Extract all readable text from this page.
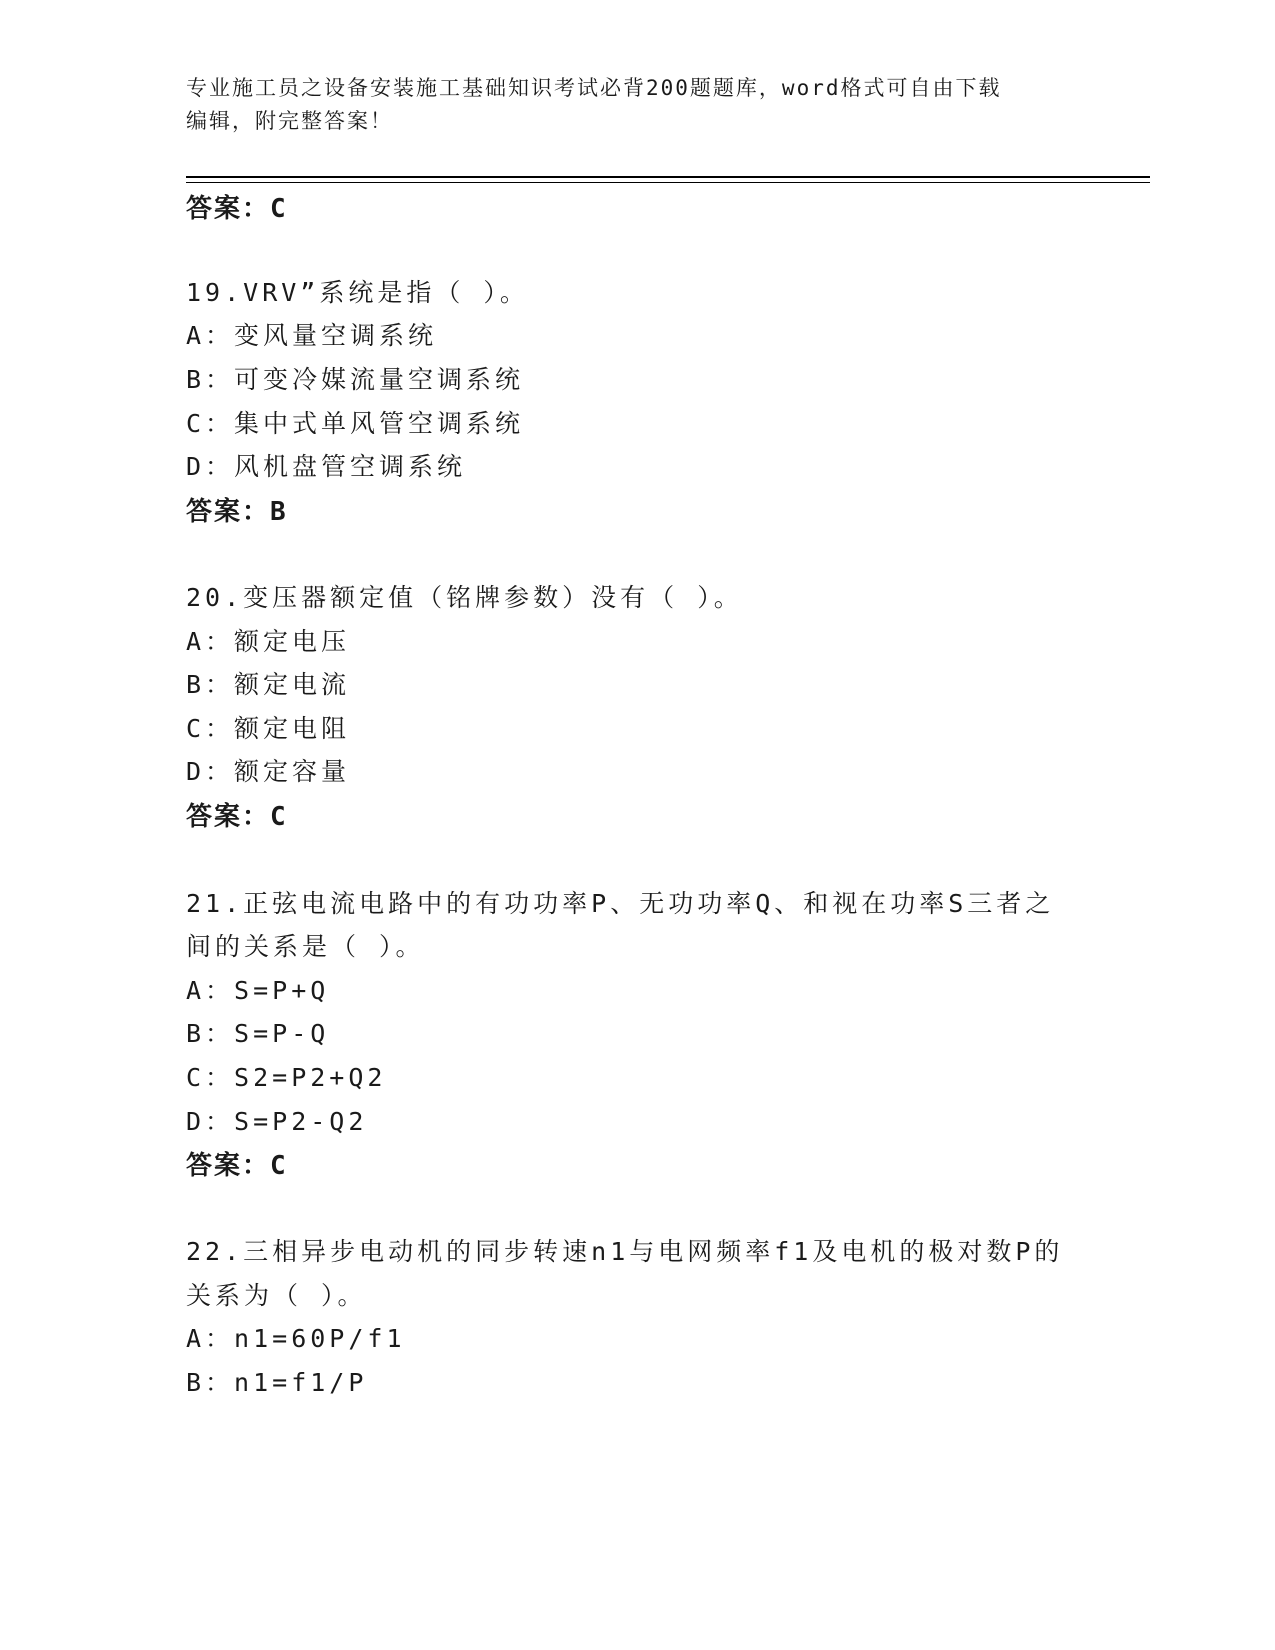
专业施工员之设备安装施工基础知识考试必背200题题库，word格式可自由下载
编辑，附完整答案！
答案：C
19.VRV”系统是指（ ）。
A：变风量空调系统
B：可变冷媒流量空调系统
C：集中式单风管空调系统
D：风机盘管空调系统
答案：B
20.变压器额定值（铭牌参数）没有（ ）。
A：额定电压
B：额定电流
C：额定电阻
D：额定容量
答案：C
21.正弦电流电路中的有功功率P、无功功率Q、和视在功率S三者之
间的关系是（ ）。
A：S=P+Q
B：S=P-Q
C：S2=P2+Q2
D：S=P2-Q2
答案：C
22.三相异步电动机的同步转速n1与电网频率f1及电机的极对数P的
关系为（ ）。
A：n1=60P/f1
B：n1=f1/P
